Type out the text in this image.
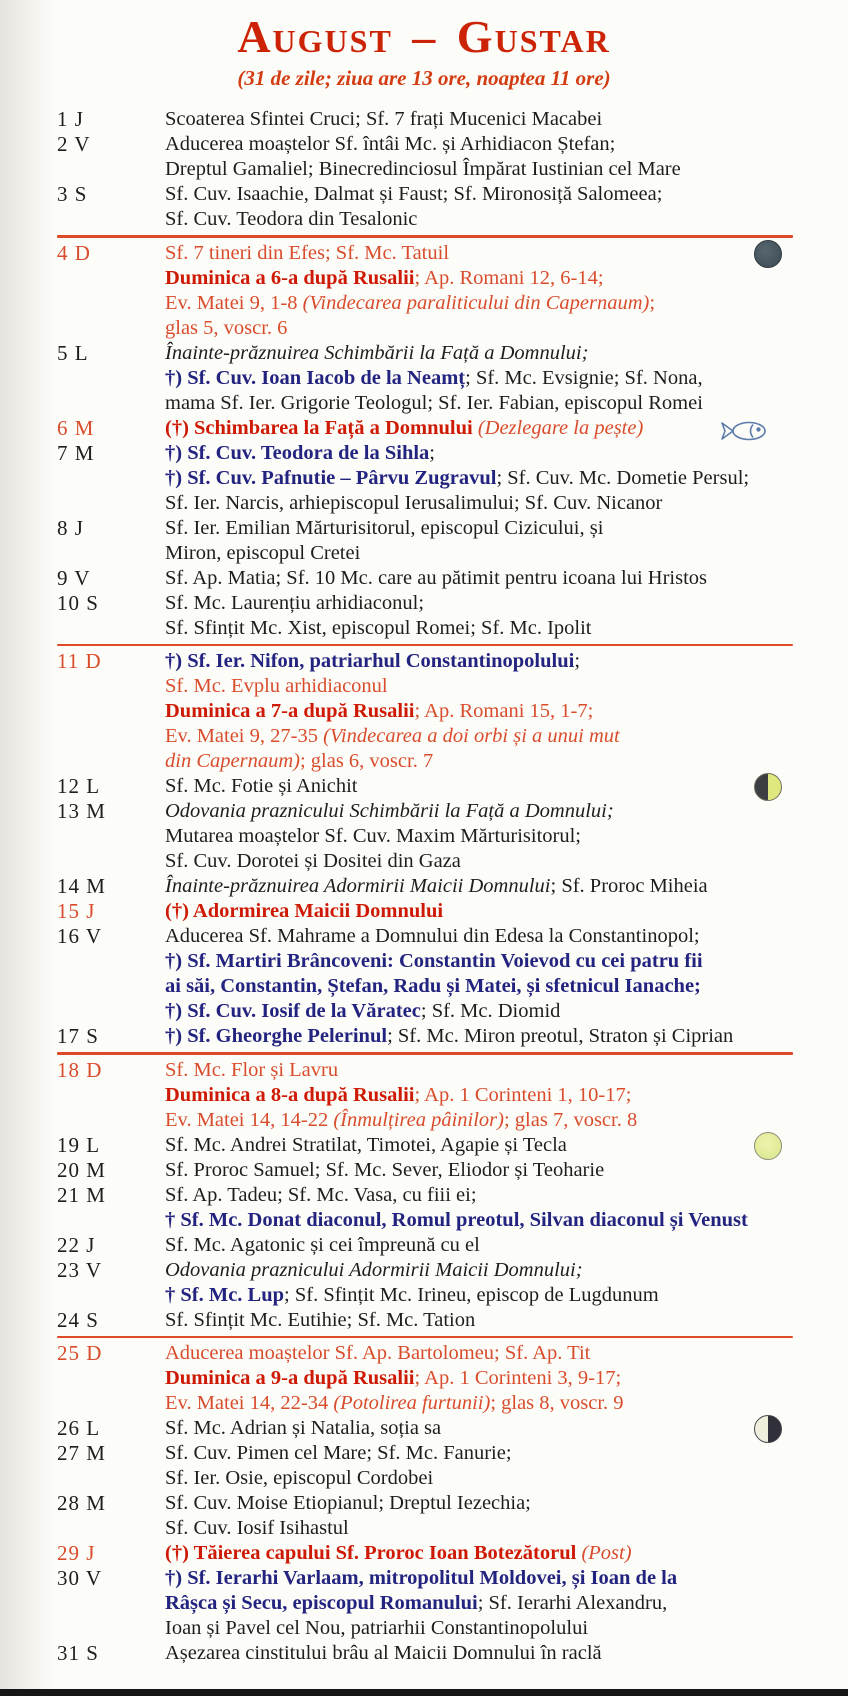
August – Gustar
(31 de zile; ziua are 13 ore, noaptea 11 ore)
1 J	Scoaterea Sfintei Cruci; Sf. 7 frați Mucenici Macabei
2 V	Aducerea moaștelor Sf. întâi Mc. și Arhidiacon Ștefan;
Dreptul Gamaliel; Binecredinciosul Împărat Iustinian cel Mare
3 S	Sf. Cuv. Isaachie, Dalmat și Faust; Sf. Mironosiță Salomeea;
Sf. Cuv. Teodora din Tesalonic
4 D	Sf. 7 tineri din Efes; Sf. Mc. Tatuil
Duminica a 6-a după Rusalii; Ap. Romani 12, 6-14;
Ev. Matei 9, 1-8 (Vindecarea paraliticului din Capernaum);
glas 5, voscr. 6
5 L	Înainte-prăznuirea Schimbării la Față a Domnului;
†) Sf. Cuv. Ioan Iacob de la Neamț; Sf. Mc. Evsignie; Sf. Nona,
mama Sf. Ier. Grigorie Teologul; Sf. Ier. Fabian, episcopul Romei
6 M	(†) Schimbarea la Față a Domnului (Dezlegare la pește)
7 M	†) Sf. Cuv. Teodora de la Sihla;
†) Sf. Cuv. Pafnutie – Pârvu Zugravul; Sf. Cuv. Mc. Dometie Persul;
Sf. Ier. Narcis, arhiepiscopul Ierusalimului; Sf. Cuv. Nicanor
8 J	Sf. Ier. Emilian Mărturisitorul, episcopul Cizicului, și
Miron, episcopul Cretei
9 V	Sf. Ap. Matia; Sf. 10 Mc. care au pătimit pentru icoana lui Hristos
10 S	Sf. Mc. Laurențiu arhidiaconul;
Sf. Sfințit Mc. Xist, episcopul Romei; Sf. Mc. Ipolit
11 D	†) Sf. Ier. Nifon, patriarhul Constantinopolului;
Sf. Mc. Evplu arhidiaconul
Duminica a 7-a după Rusalii; Ap. Romani 15, 1-7;
Ev. Matei 9, 27-35 (Vindecarea a doi orbi și a unui mut
din Capernaum); glas 6, voscr. 7
12 L	Sf. Mc. Fotie și Anichit
13 M	Odovania praznicului Schimbării la Față a Domnului;
Mutarea moaștelor Sf. Cuv. Maxim Mărturisitorul;
Sf. Cuv. Dorotei și Dositei din Gaza
14 M	Înainte-prăznuirea Adormirii Maicii Domnului; Sf. Proroc Miheia
15 J	(†) Adormirea Maicii Domnului
16 V	Aducerea Sf. Mahrame a Domnului din Edesa la Constantinopol;
†) Sf. Martiri Brâncoveni: Constantin Voievod cu cei patru fii
ai săi, Constantin, Ștefan, Radu și Matei, și sfetnicul Ianache;
†) Sf. Cuv. Iosif de la Văratec; Sf. Mc. Diomid
17 S	†) Sf. Gheorghe Pelerinul; Sf. Mc. Miron preotul, Straton și Ciprian
18 D	Sf. Mc. Flor și Lavru
Duminica a 8-a după Rusalii; Ap. 1 Corinteni 1, 10-17;
Ev. Matei 14, 14-22 (Înmulțirea pâinilor); glas 7, voscr. 8
19 L	Sf. Mc. Andrei Stratilat, Timotei, Agapie și Tecla
20 M	Sf. Proroc Samuel; Sf. Mc. Sever, Eliodor și Teoharie
21 M	Sf. Ap. Tadeu; Sf. Mc. Vasa, cu fiii ei;
† Sf. Mc. Donat diaconul, Romul preotul, Silvan diaconul și Venust
22 J	Sf. Mc. Agatonic și cei împreună cu el
23 V	Odovania praznicului Adormirii Maicii Domnului;
† Sf. Mc. Lup; Sf. Sfințit Mc. Irineu, episcop de Lugdunum
24 S	Sf. Sfințit Mc. Eutihie; Sf. Mc. Tation
25 D	Aducerea moaștelor Sf. Ap. Bartolomeu; Sf. Ap. Tit
Duminica a 9-a după Rusalii; Ap. 1 Corinteni 3, 9-17;
Ev. Matei 14, 22-34 (Potolirea furtunii); glas 8, voscr. 9
26 L	Sf. Mc. Adrian și Natalia, soția sa
27 M	Sf. Cuv. Pimen cel Mare; Sf. Mc. Fanurie;
Sf. Ier. Osie, episcopul Cordobei
28 M	Sf. Cuv. Moise Etiopianul; Dreptul Iezechia;
Sf. Cuv. Iosif Isihastul
29 J	(†) Tăierea capului Sf. Proroc Ioan Botezătorul (Post)
30 V	†) Sf. Ierarhi Varlaam, mitropolitul Moldovei, și Ioan de la
Râșca și Secu, episcopul Romanului; Sf. Ierarhi Alexandru,
Ioan și Pavel cel Nou, patriarhii Constantinopolului
31 S	Așezarea cinstitului brâu al Maicii Domnului în raclă
